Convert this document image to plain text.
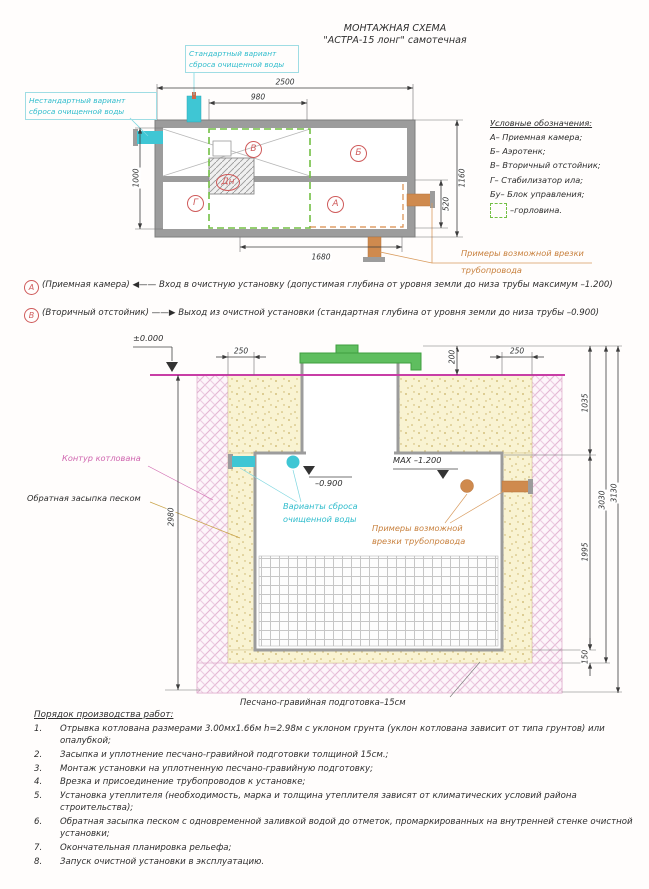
МОНТАЖНАЯ СХЕМА
"АСТРА-15 лонг" самотечная
Стандартный вариант
сброса очищенной воды
Нестандартный вариант
сброса очищенной воды
А
Б
В
Г
Дн
2500
980
1000	1160
520
1680	Примеры возможной врезки
трубопровода
Условные обозначения:
А– Приемная камера;
Б– Аэротенк;
В– Вторичный отстойник;
Г– Стабилизатор ила;
Бу– Блок управления;
–горловина.
А (Приемная камера) ◀—— Вход в очистную установку (допустимая глубина от уровня земли до низа трубы максимум –1.200)
В (Вторичный отстойник) ——▶ Выход из очистной установки (стандартная глубина от уровня земли до низа трубы –0.900)
±0.000
–0.900
MAX –1.200
250	250
200
2980
1035
1995
150
3030 3130
Контур котлована
Обратная засыпка песком
Варианты сброса
очищенной воды
Примеры возможной
врезки трубопровода
Песчано-гравийная подготовка–15см
Порядок производства работ:
1.	Отрывка котлована размерами 3.00мх1.66м h=2.98м с уклоном грунта (уклон котлована зависит от типа грунтов) или опалубкой;
2.	Засыпка и уплотнение песчано-гравийной подготовки толщиной 15см.;
3.	Монтаж установки на уплотненную песчано-гравийную подготовку;
4.	Врезка и присоединение трубопроводов к установке;
5.	Установка утеплителя (необходимость, марка и толщина утеплителя зависят от климатических условий района строительства);
6.	Обратная засыпка песком с одновременной заливкой водой до отметок, промаркированных на внутренней стенке очистной установки;
7.	Окончательная планировка рельефа;
8.	Запуск очистной установки в эксплуатацию.
